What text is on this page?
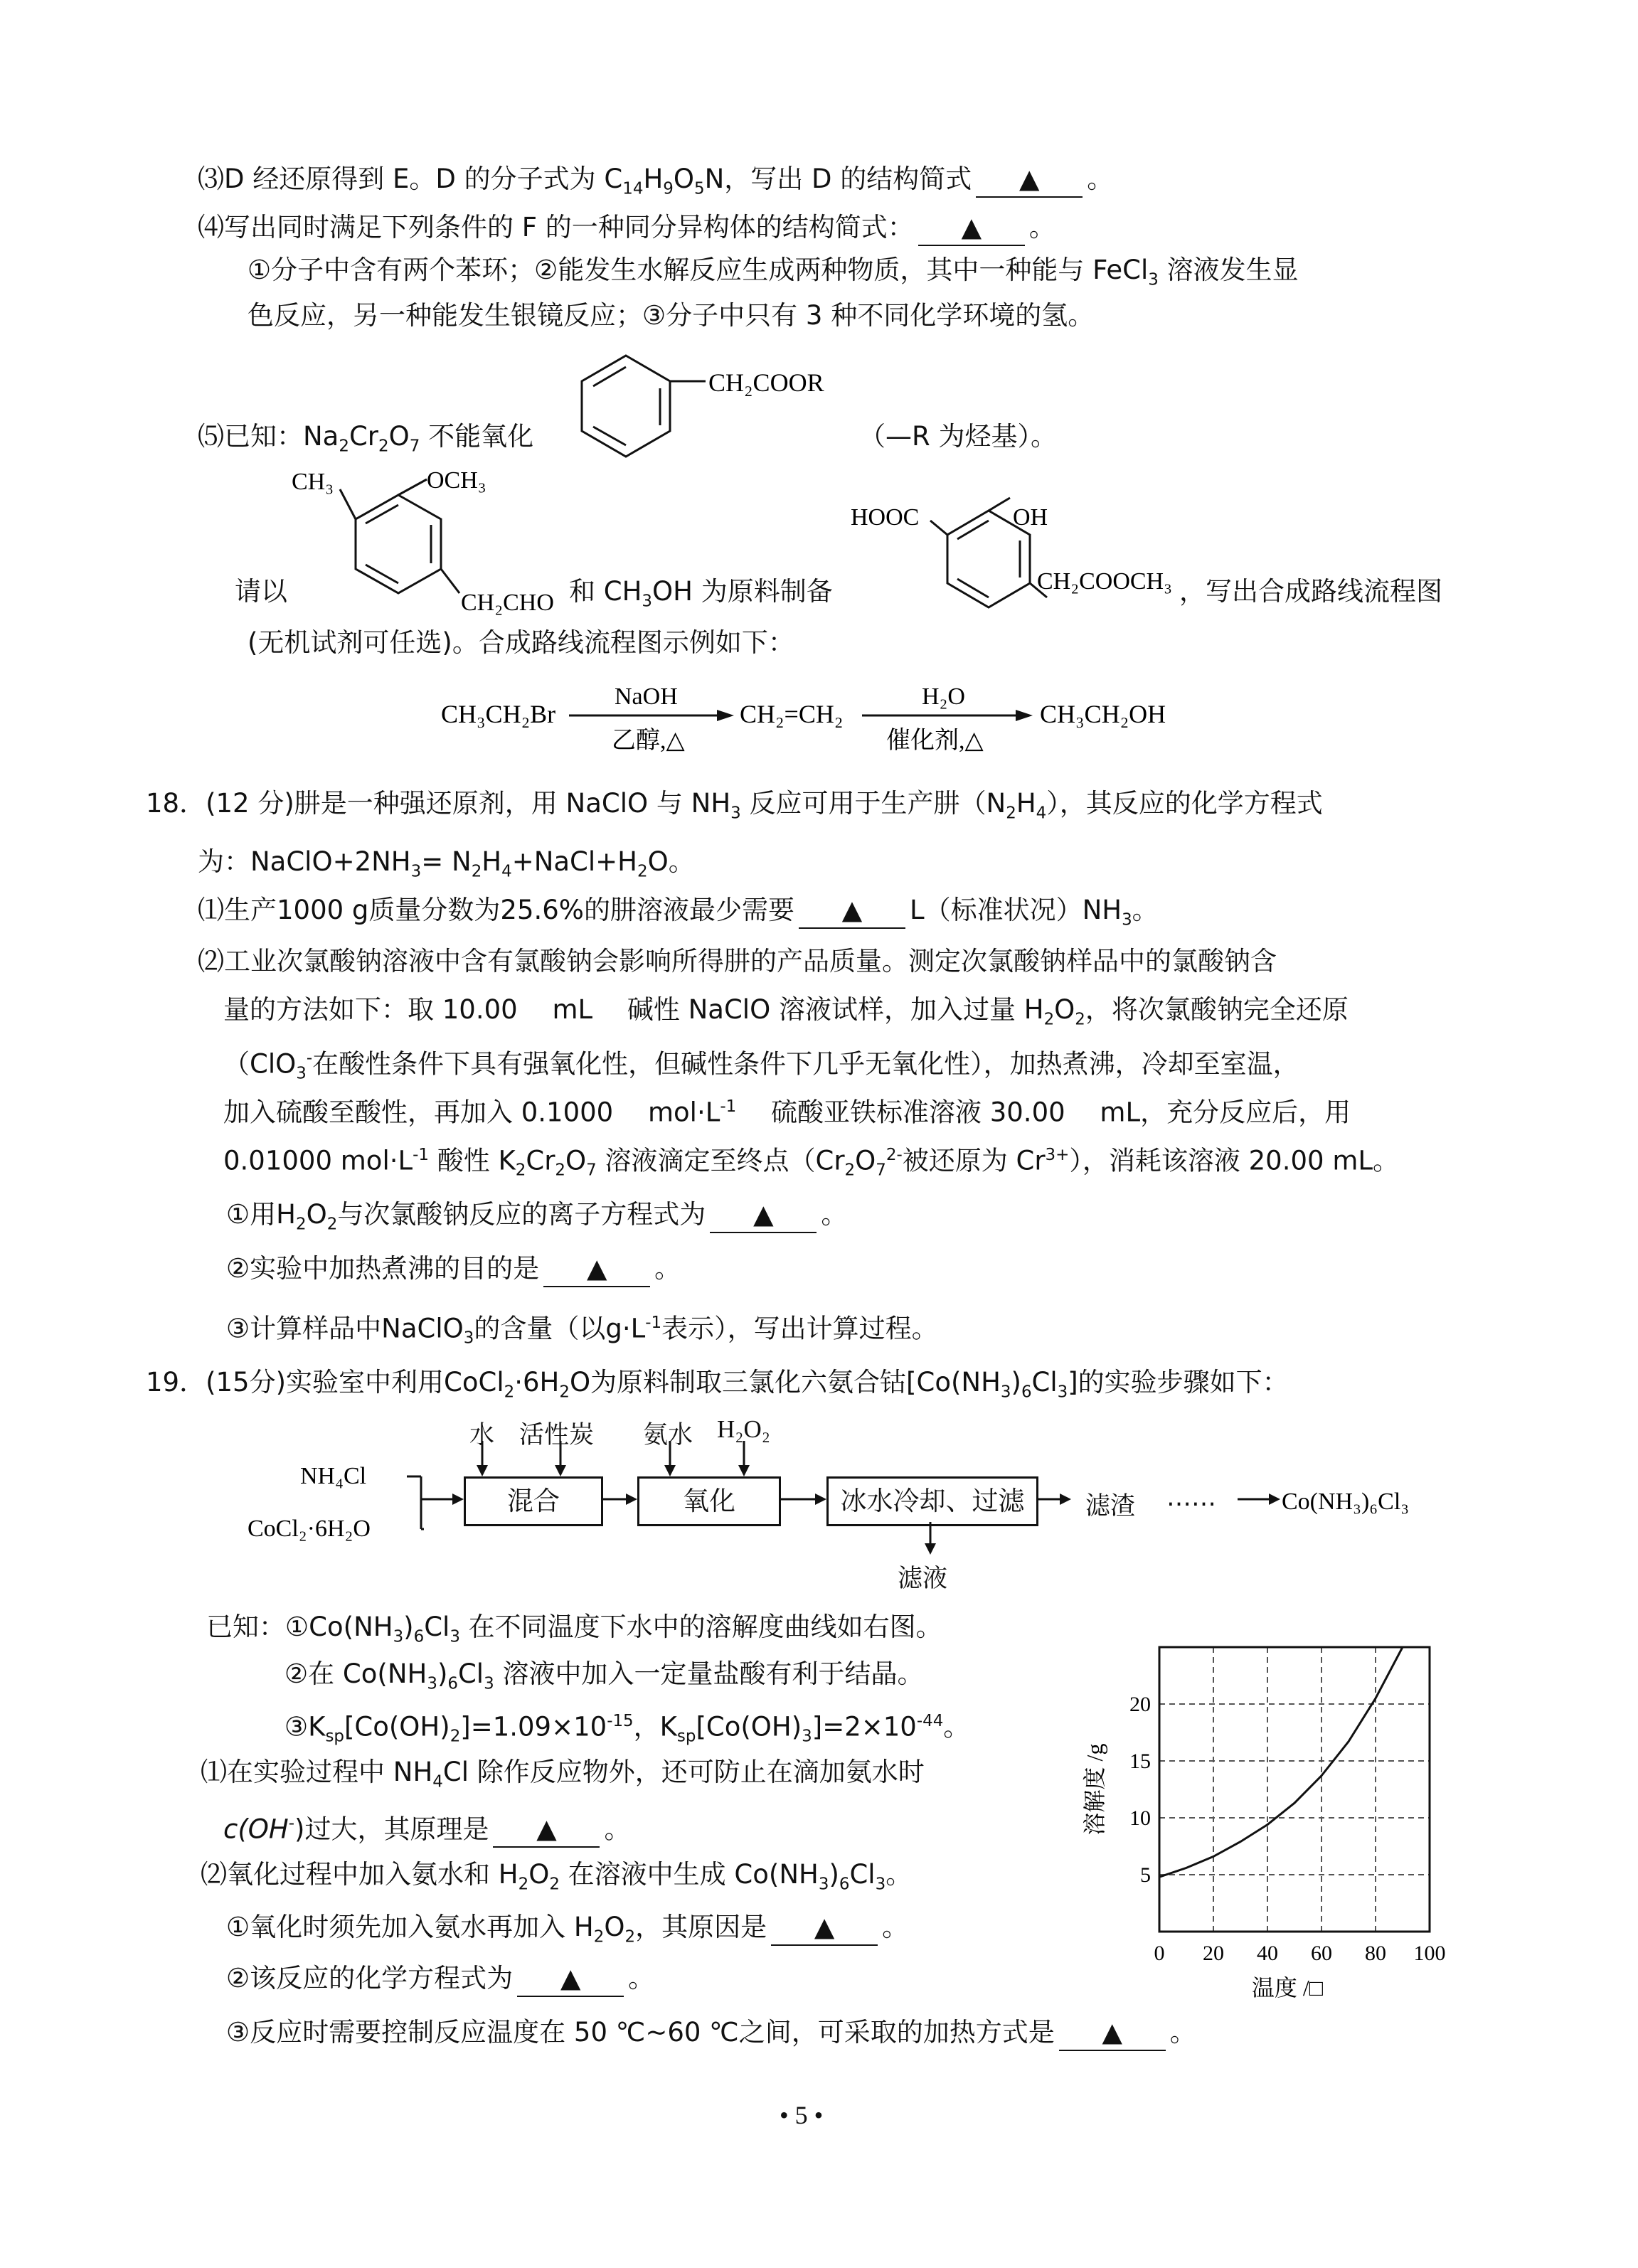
⑶D 经还原得到 E。D 的分子式为 $C_{14}H_9O_5N$，写出 D 的结构简式 ▲ 。
⑷写出同时满足下列条件的 F 的一种同分异构体的结构简式： ▲ 。
①分子中含有两个苯环；②能发生水解反应生成两种物质，其中一种能与 FeCl$_3$ 溶液发生显
色反应，另一种能发生银镜反应；③分子中只有 3 种不同化学环境的氢。
⑸已知：$Na_2Cr_2O_7$ 不能氧化
CH₂COOR
（—R 为烃基）。
CH₃	OCH₃
CH₂CHO
请以	和 $CH_3OH$ 为原料制备
HOOC	OH
CH₂COOCH₃ ，写出合成路线流程图
(无机试剂可任选)。合成路线流程图示例如下：
CH₃CH₂Br
NaOH
乙醇,△
CH₂=CH₂
H₂O
催化剂,△
CH₃CH₂OH
18．(12 分)肼是一种强还原剂，用 NaClO 与 $NH_3$ 反应可用于生产肼$(N_2H_4)$，其反应的化学方程式
为：$NaClO+2NH_3=$ $N_2H_4+NaCl+H_2O$。
⑴生产1000 g质量分数为25.6%的肼溶液最少需要 ▲ L（标准状况）$NH_3$。
⑵工业次氯酸钠溶液中含有氯酸钠会影响所得肼的产品质量。测定次氯酸钠样品中的氯酸钠含
量的方法如下：取 10.00　 mL　 碱性 NaClO 溶液试样，加入过量 $H_2O_2$，将次氯酸钠完全还原
（ClO$_3$-在酸性条件下具有强氧化性，但碱性条件下几乎无氧化性），加热煮沸，冷却至室温，
加入硫酸至酸性，再加入 0.1000　 $mol\cdot L^{-1}$　 硫酸亚铁标准溶液 30.00　 mL，充分反应后，用
0.01000 $mol\cdot L^{-1}$ 酸性 $K_2Cr_2O_7$ 溶液滴定至终点（$Cr_2O_7^{2-}$被还原为 $Cr^{3+}$），消耗该溶液 20.00 mL。
①用$H_2O_2$与次氯酸钠反应的离子方程式为 ▲ 。
②实验中加热煮沸的目的是 ▲ 。
③计算样品中NaClO$_3$的含量（以$g\cdot L^{-1}$表示），写出计算过程。
19．(15分)实验室中利用$CoCl_2\cdot 6H_2O$为原料制取三氯化六氨合钴$[Co(NH_3)_6Cl_3]$的实验步骤如下：
混合	氧化	冰水冷却、过滤
NH₄Cl
CoCl₂·6H₂O
Co(NH₃)₆Cl₃
水 活性炭 氨水 H₂O₂
滤液
滤渣 ……
已知：$①Co(NH_3)_6Cl_3$ 在不同温度下水中的溶解度曲线如右图。
②在 $Co(NH_3)_6Cl_3$ 溶液中加入一定量盐酸有利于结晶。
$③K_{sp}[Co(OH)_2]=1.09\times 10^{-15}$，$K_{sp}[Co(OH)_3]=2\times 10^{-44}$。
⑴在实验过程中 $NH_4Cl$ 除作反应物外，还可防止在滴加氨水时
c(OH-)过大，其原理是 ▲ 。
⑵氧化过程中加入氨水和 $H_2O_2$ 在溶液中生成 $Co(NH_3)_6Cl_3$。
①氧化时须先加入氨水再加入 $H_2O_2$，其原因是 ▲ 。
②该反应的化学方程式为 ▲ 。
③反应时需要控制反应温度在 50 ℃~60 ℃之间，可采取的加热方式是 ▲ 。
5
10
15
20
0 20 40 60 80 100
溶解度 /g
温度 /□
• 5 •
